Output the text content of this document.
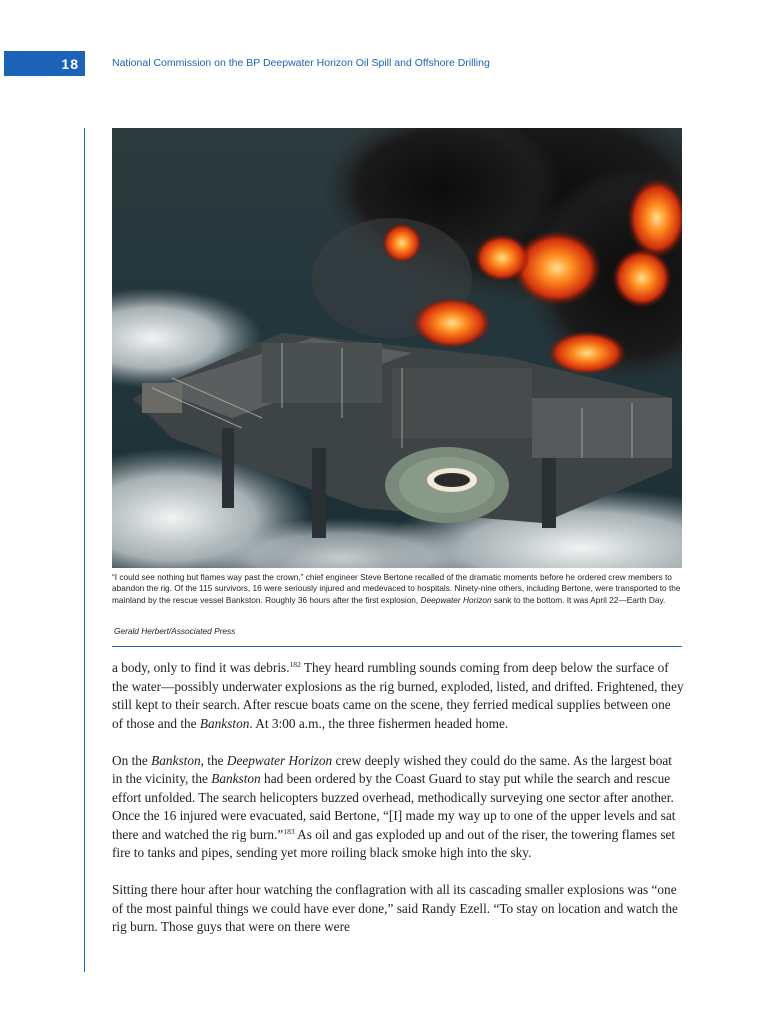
18	National Commission on the BP Deepwater Horizon Oil Spill and Offshore Drilling
“I could see nothing but flames way past the crown,” chief engineer Steve Bertone recalled of the dramatic moments before he ordered crew members to abandon the rig. Of the 115 survivors, 16 were seriously injured and medevaced to hospitals. Ninety-nine others, including Bertone, were transported to the mainland by the rescue vessel Bankston. Roughly 36 hours after the first explosion, Deepwater Horizon sank to the bottom. It was April 22—Earth Day.
Gerald Herbert/Associated Press

a body, only to find it was debris.$^{182}$ They heard rumbling sounds coming from deep below the surface of the water—possibly underwater explosions as the rig burned, exploded, listed, and drifted. Frightened, they still kept to their search. After rescue boats came on the scene, they ferried medical supplies between one of those and the Bankston. At 3:00 a.m., the three fishermen headed home.

On the Bankston, the Deepwater Horizon crew deeply wished they could do the same. As the largest boat in the vicinity, the Bankston had been ordered by the Coast Guard to stay put while the search and rescue effort unfolded. The search helicopters buzzed overhead, methodically surveying one sector after another. Once the 16 injured were evacuated, said Bertone, “[I] made my way up to one of the upper levels and sat there and watched the rig burn.”$^{183}$ As oil and gas exploded up and out of the riser, the towering flames set fire to tanks and pipes, sending yet more roiling black smoke high into the sky.

Sitting there hour after hour watching the conflagration with all its cascading smaller explosions was “one of the most painful things we could have ever done,” said Randy Ezell. “To stay on location and watch the rig burn. Those guys that were on there were
